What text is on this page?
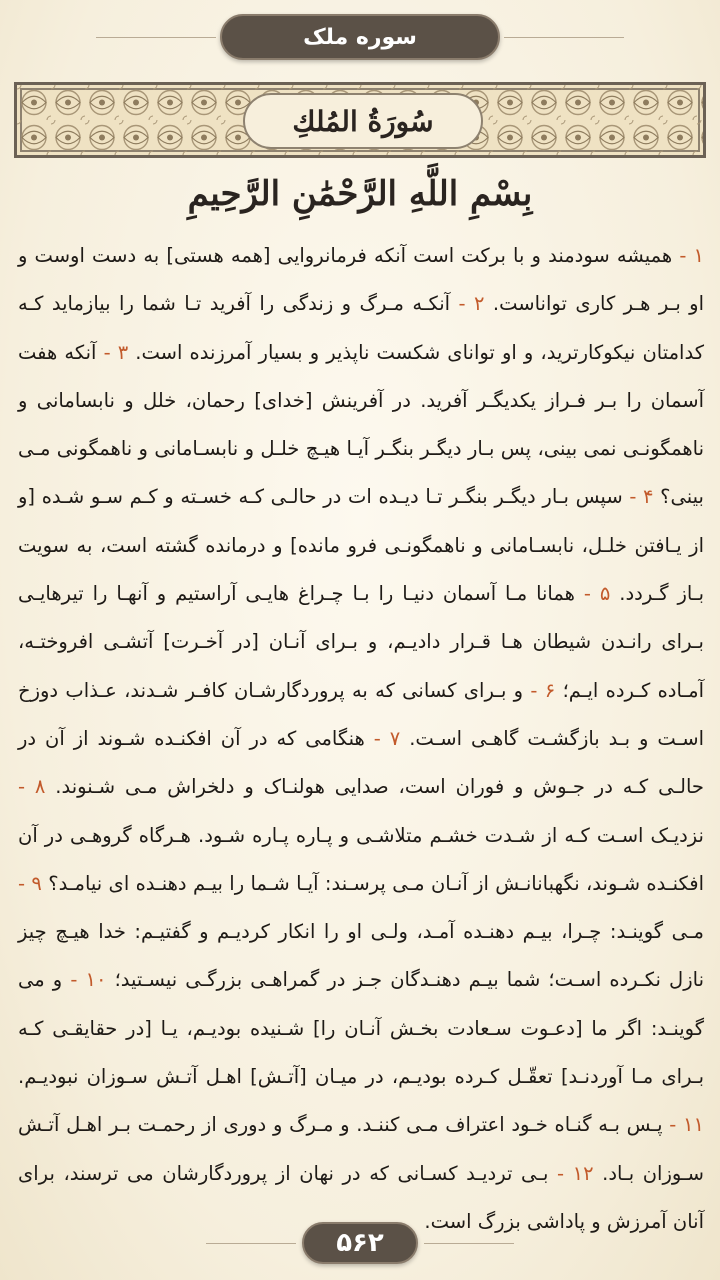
سوره ملک
سُورَةُ المُلكِ
بِسْمِ اللَّهِ الرَّحْمَٰنِ الرَّحِيمِ
۱ - همیشه سودمند و با برکت است آنکه فرمانروایی [همه هستی] به دست اوست و او بـر هـر کاری تواناست. ۲ - آنکـه مـرگ و زندگی را آفرید تـا شما را بیازماید کـه کدامتان نیکوکارترید، و او توانای شکست ناپذیر و بسیار آمرزنده است. ۳ - آنکه هفت آسمان را بـر فـراز یکدیگـر آفرید. در آفرینش [خدای] رحمان، خلل و نابسامانی و ناهمگونـی نمی بینی، پس بـار دیگـر بنگـر آیـا هیـچ خلـل و نابسـامانی و ناهمگونی مـی بینی؟ ۴ - سپس بـار دیگـر بنگـر تـا دیـده ات در حالـی کـه خسـته و کـم سـو شـده [و از یـافتن خلـل، نابسـامانی و ناهمگونـی فرو مانده] و درمانده گشته است، به سویت بـاز گـردد. ۵ - همانا مـا آسمان دنیـا را بـا چـراغ هایـی آراستیم و آنهـا را تیرهایـی بـرای رانـدن شیطان هـا قـرار دادیـم، و بـرای آنـان [در آخـرت] آتشـی افروختـه، آمـاده کـرده ایـم؛ ۶ - و بـرای کسانی که به پروردگارشـان کافـر شـدند، عـذاب دوزخ اسـت و بـد بازگشـت گاهـی اسـت. ۷ - هنگامی که در آن افکنـده شـوند از آن در حالـی کـه در جـوش و فوران است، صدایی هولنـاک و دلخراش مـی شـنوند. ۸ - نزدیـک اسـت کـه از شـدت خشـم متلاشـی و پـاره پـاره شـود. هـرگاه گروهـی در آن افکنـده شـوند، نگهبانانـش از آنـان مـی پرسـند: آیـا شـما را بیـم دهنـده ای نیامـد؟ ۹ - مـی گوینـد: چـرا، بیـم دهنـده آمـد، ولـی او را انکار کردیـم و گفتیـم: خدا هیـچ چیز نازل نکـرده اسـت؛ شما بیـم دهنـدگان جـز در گمراهـی بزرگـی نیسـتید؛ ۱۰ - و می گوینـد: اگر ما [دعـوت سـعادت بخـش آنـان را] شـنیده بودیـم، یـا [در حقایقـی کـه بـرای مـا آوردنـد] تعقّـل کـرده بودیـم، در میـان [آتـش] اهـل آتـش سـوزان نبودیـم. ۱۱ - پـس بـه گنـاه خـود اعتراف مـی کننـد. و مـرگ و دوری از رحمـت بـر اهـل آتـش سـوزان بـاد. ۱۲ - بـی تردیـد کسـانی که در نهان از پروردگارشان می ترسند، برای آنان آمرزش و پاداشی بزرگ است.
۵۶۲
